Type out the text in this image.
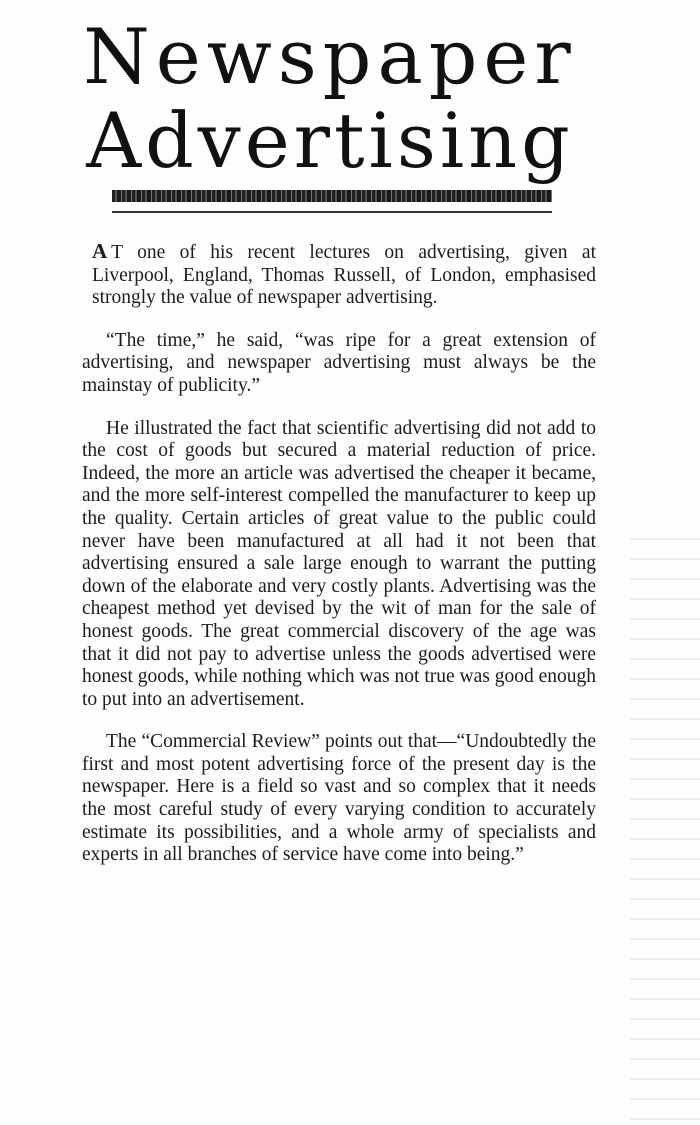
Newspaper
Advertising

A T one of his recent lectures on advertising, given at Liverpool, England, Thomas Russell, of London, emphasised strongly the value of newspaper advertising.

“The time,” he said, “was ripe for a great extension of advertising, and newspaper advertising must always be the mainstay of publicity.”

He illustrated the fact that scientific advertising did not add to the cost of goods but secured a material reduction of price. Indeed, the more an article was advertised the cheaper it became, and the more self-interest compelled the manufacturer to keep up the quality. Certain articles of great value to the public could never have been manufactured at all had it not been that advertising ensured a sale large enough to warrant the putting down of the elaborate and very costly plants. Advertising was the cheapest method yet devised by the wit of man for the sale of honest goods. The great commercial discovery of the age was that it did not pay to advertise unless the goods advertised were honest goods, while nothing which was not true was good enough to put into an advertisement.

The “Commercial Review” points out that—“Undoubtedly the first and most potent advertising force of the present day is the newspaper. Here is a field so vast and so complex that it needs the most careful study of every varying condition to accurately estimate its possibilities, and a whole army of specialists and experts in all branches of service have come into being.”
